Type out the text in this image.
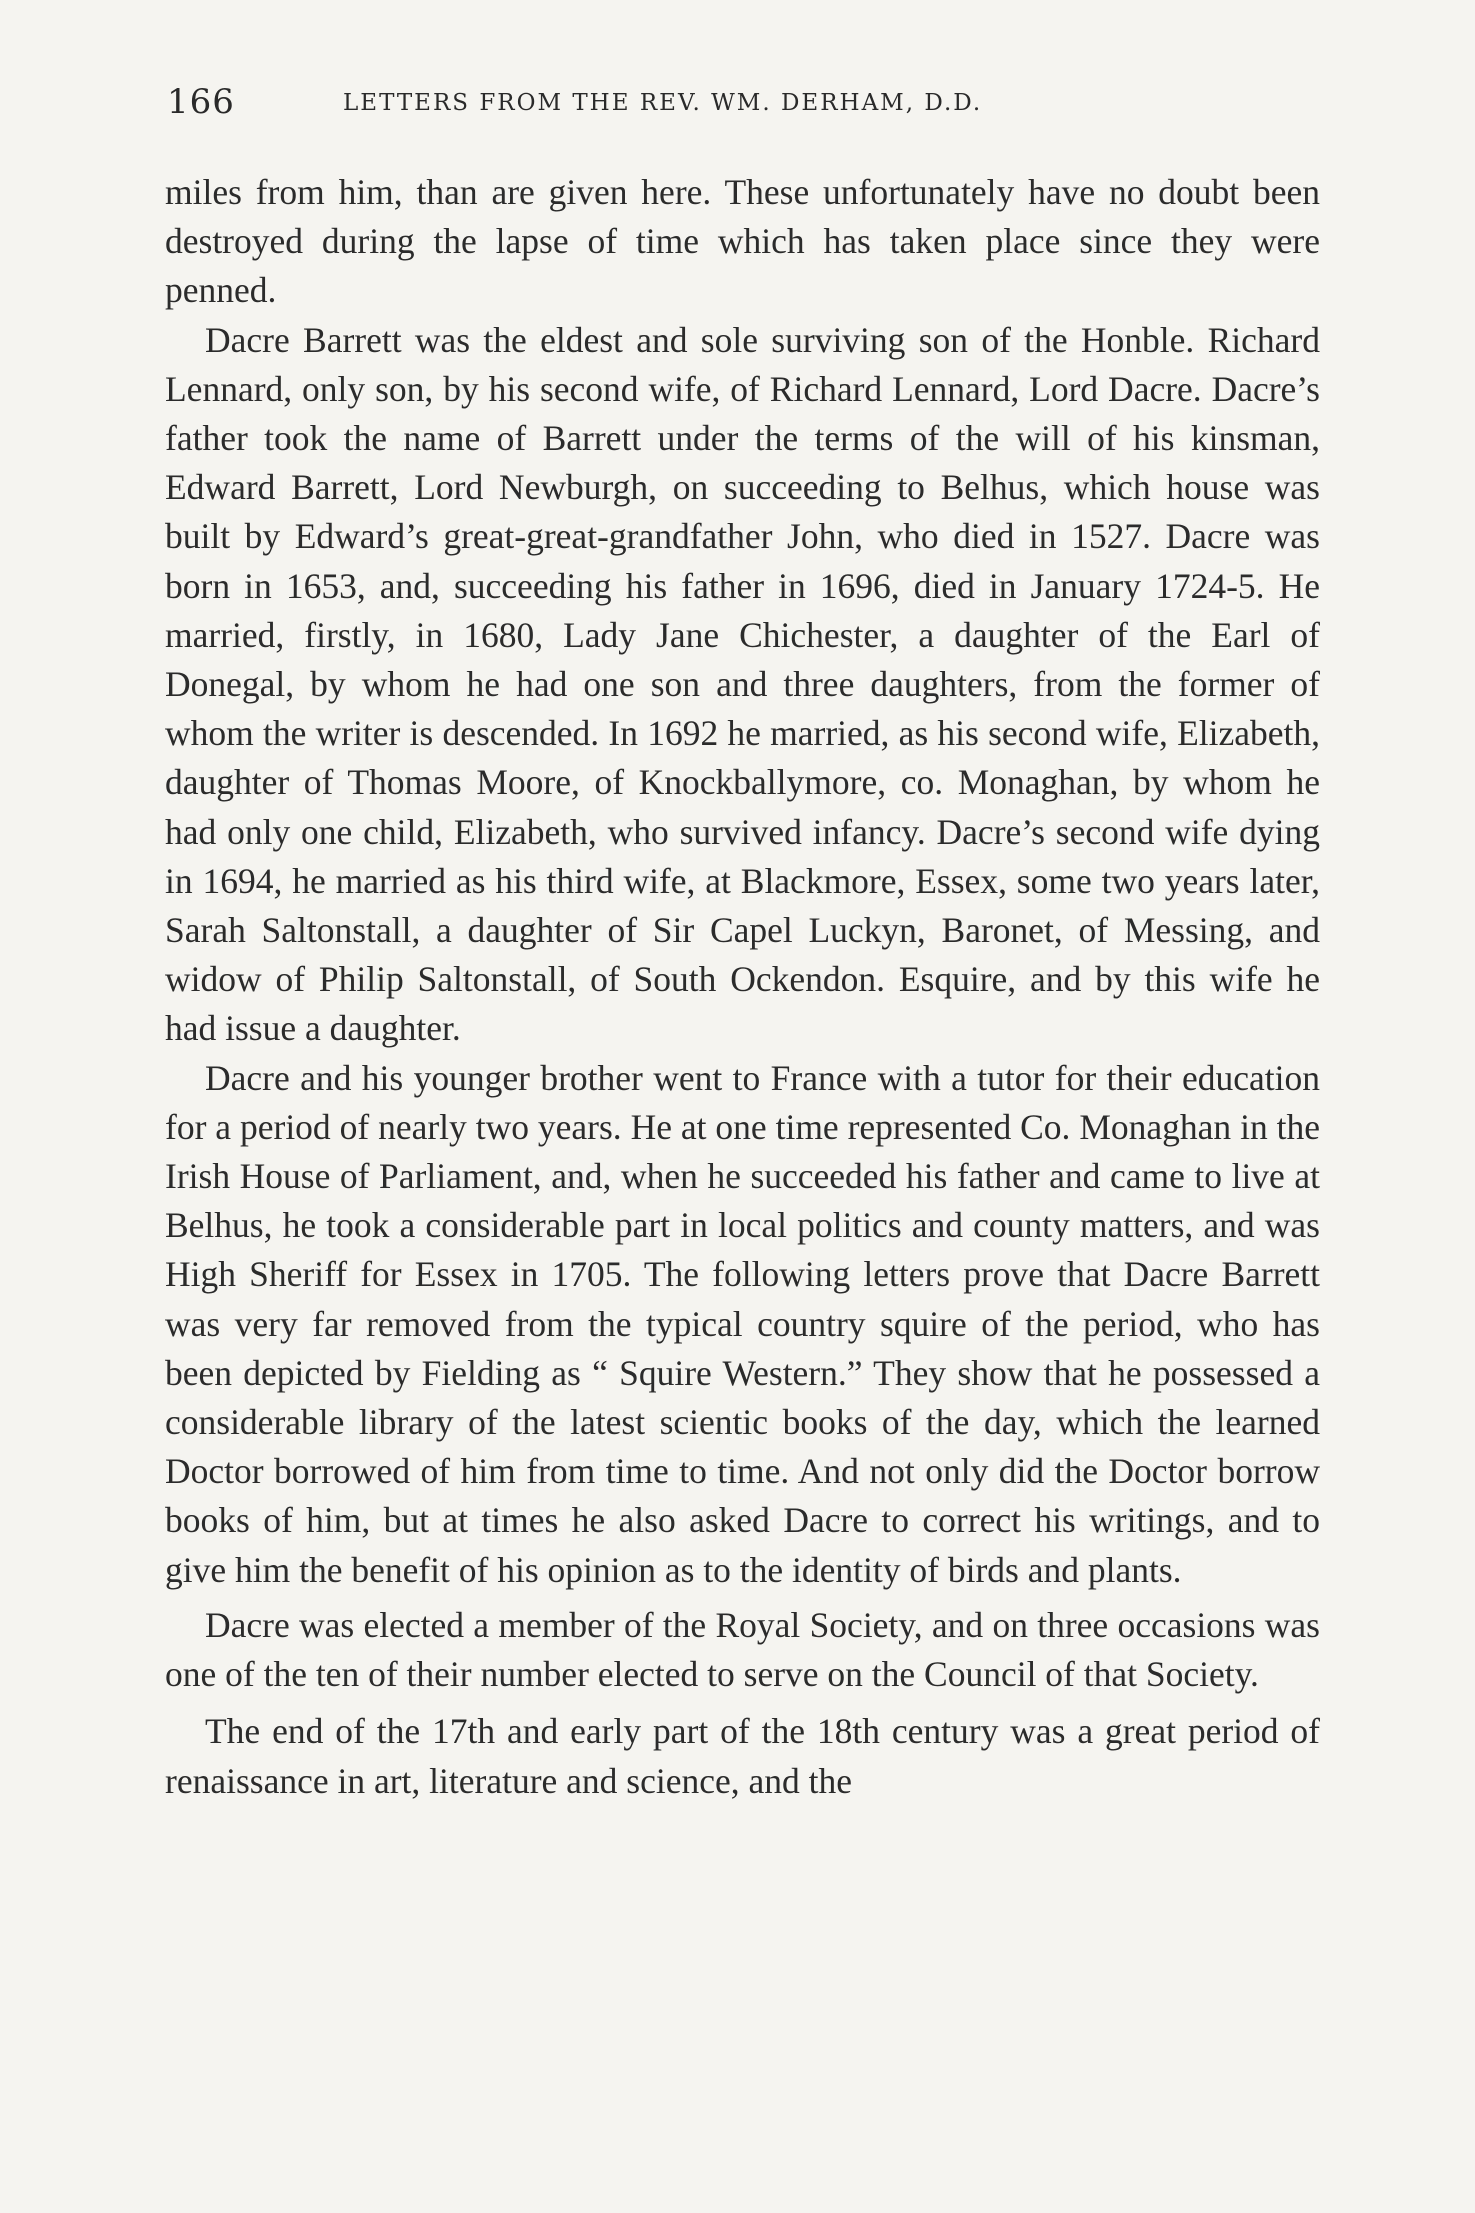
166	LETTERS FROM THE REV. WM. DERHAM, D.D.

miles from him, than are given here. These unfortunately have no doubt been destroyed during the lapse of time which has taken place since they were penned.

Dacre Barrett was the eldest and sole surviving son of the Honble. Richard Lennard, only son, by his second wife, of Richard Lennard, Lord Dacre. Dacre’s father took the name of Barrett under the terms of the will of his kinsman, Edward Barrett, Lord Newburgh, on succeeding to Belhus, which house was built by Edward’s great-great-grandfather John, who died in 1527. Dacre was born in 1653, and, succeeding his father in 1696, died in January 1724-5. He married, firstly, in 1680, Lady Jane Chichester, a daughter of the Earl of Donegal, by whom he had one son and three daughters, from the former of whom the writer is descended. In 1692 he married, as his second wife, Elizabeth, daughter of Thomas Moore, of Knockballymore, co. Monaghan, by whom he had only one child, Elizabeth, who survived infancy. Dacre’s second wife dying in 1694, he married as his third wife, at Blackmore, Essex, some two years later, Sarah Saltonstall, a daughter of Sir Capel Luckyn, Baronet, of Messing, and widow of Philip Saltonstall, of South Ockendon. Esquire, and by this wife he had issue a daughter.

Dacre and his younger brother went to France with a tutor for their education for a period of nearly two years. He at one time represented Co. Monaghan in the Irish House of Parliament, and, when he succeeded his father and came to live at Belhus, he took a considerable part in local politics and county matters, and was High Sheriff for Essex in 1705. The following letters prove that Dacre Barrett was very far removed from the typical country squire of the period, who has been depicted by Fielding as “ Squire Western.” They show that he possessed a considerable library of the latest scientic books of the day, which the learned Doctor borrowed of him from time to time. And not only did the Doctor borrow books of him, but at times he also asked Dacre to correct his writings, and to give him the benefit of his opinion as to the identity of birds and plants.

Dacre was elected a member of the Royal Society, and on three occasions was one of the ten of their number elected to serve on the Council of that Society.

The end of the 17th and early part of the 18th century was a great period of renaissance in art, literature and science, and the
